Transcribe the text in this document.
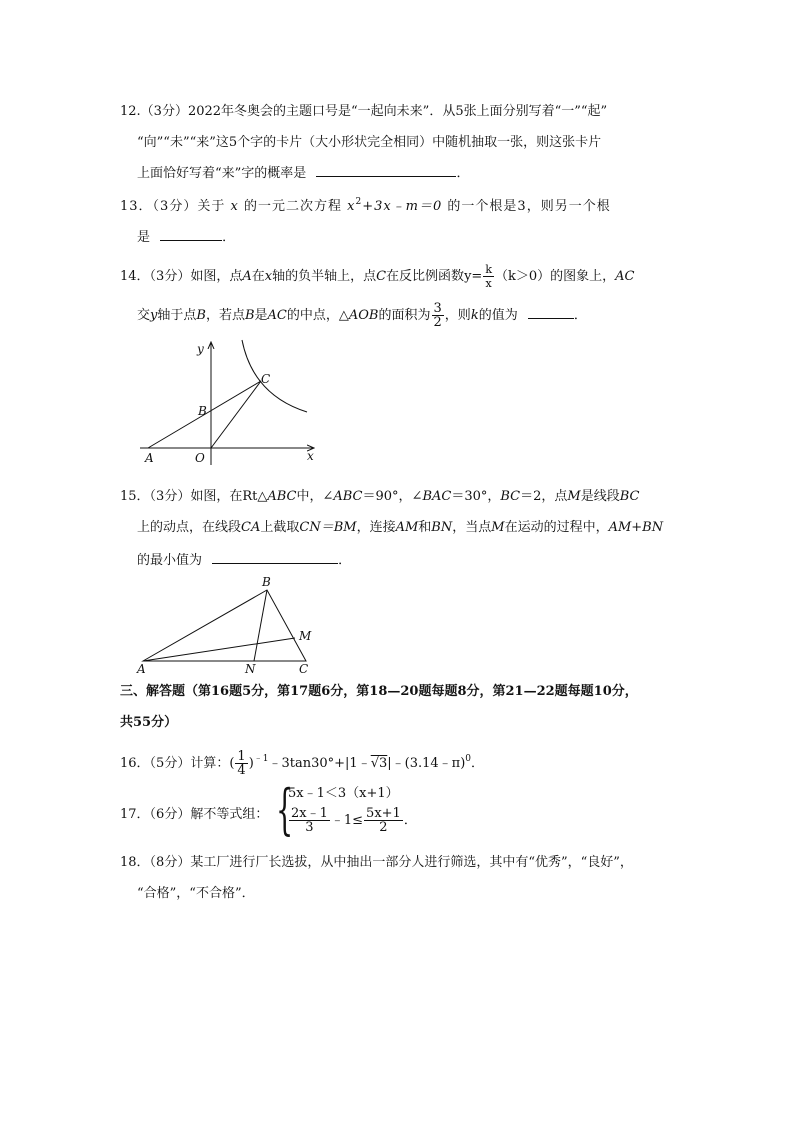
12.（3分）2022年冬奥会的主题口号是“一起向未来”．从5张上面分别写着“一”“起”
“向”“未”“来”这5个字的卡片（大小形状完全相同）中随机抽取一张，则这张卡片
上面恰好写着“来”字的概率是	．
13．（3分）关于 x 的一元二次方程 $x^2+3x﹣m=0$ 的一个根是3，则另一个根
是	．
14．（3分）如图，点A在x轴的负半轴上，点C在反比例函数$y= \frac{k}{x} (k>0)$的图象上，AC
交y轴于点B，若点B是AC的中点，△AOB的面积为 $\frac{3}{2}$ ，则k的值为	．
y
x
O
A
B
C
15．（3分）如图，在Rt△ABC中，∠ABC＝90°，∠BAC＝30°，BC＝2，点M是线段BC
上的动点，在线段CA上截取CN＝BM，连接AM和BN，当点M在运动的过程中，AM+BN
的最小值为	．
A
B
C
M
N
三、解答题（第16题5分，第17题6分，第18—20题每题8分，第21—22题每题10分，
共55分）
16．（5分）计算：( $\frac{1}{4}$ )$^{﹣1}$﹣3tan30°+|1﹣√3|﹣(3.14﹣π)$^0$．
17．（6分）解不等式组： {
5x﹣1＜3（x+1）
$\frac{2x﹣1}{3}$ ﹣1≤ $\frac{5x+1}{2}$ ．
18．（8分）某工厂进行厂长选拔，从中抽出一部分人进行筛选，其中有“优秀”，“良好”，
“合格”，“不合格”．
